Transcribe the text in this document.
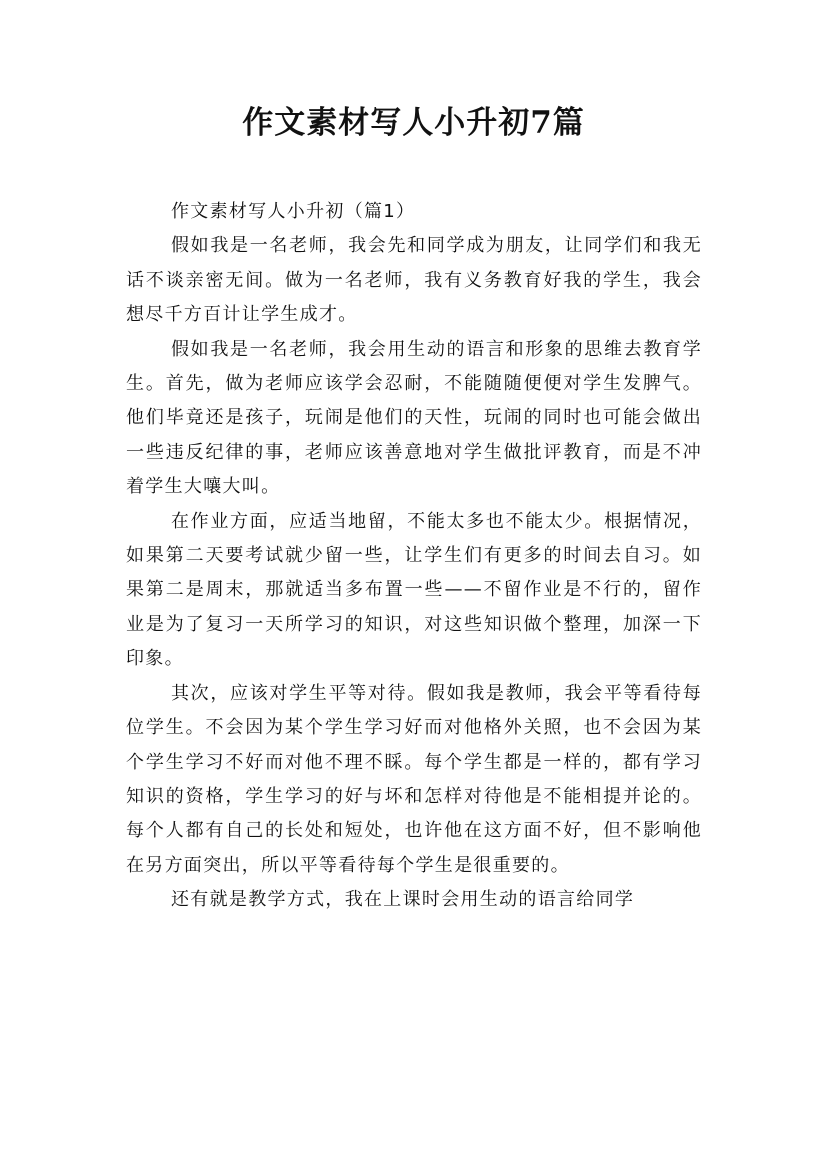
作文素材写人小升初7篇

作文素材写人小升初（篇1）

假如我是一名老师，我会先和同学成为朋友，让同学们和我无话不谈亲密无间。做为一名老师，我有义务教育好我的学生，我会想尽千方百计让学生成才。

假如我是一名老师，我会用生动的语言和形象的思维去教育学生。首先，做为老师应该学会忍耐，不能随随便便对学生发脾气。他们毕竟还是孩子，玩闹是他们的天性，玩闹的同时也可能会做出一些违反纪律的事，老师应该善意地对学生做批评教育，而是不冲着学生大嚷大叫。

在作业方面，应适当地留，不能太多也不能太少。根据情况，如果第二天要考试就少留一些，让学生们有更多的时间去自习。如果第二是周末，那就适当多布置一些——不留作业是不行的，留作业是为了复习一天所学习的知识，对这些知识做个整理，加深一下印象。

其次，应该对学生平等对待。假如我是教师，我会平等看待每位学生。不会因为某个学生学习好而对他格外关照，也不会因为某个学生学习不好而对他不理不睬。每个学生都是一样的，都有学习知识的资格，学生学习的好与坏和怎样对待他是不能相提并论的。每个人都有自己的长处和短处，也许他在这方面不好，但不影响他在另方面突出，所以平等看待每个学生是很重要的。

还有就是教学方式，我在上课时会用生动的语言给同学
